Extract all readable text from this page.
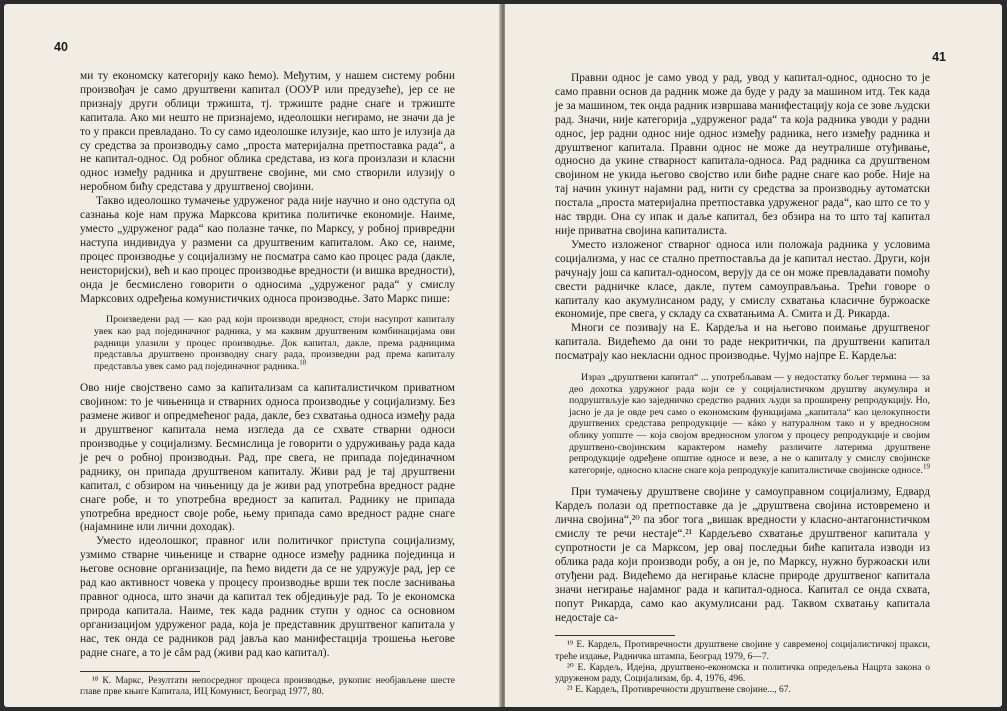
40

ми ту економску категорију како ћемо). Међутим, у нашем систему робни произвођач је само друштвени капитал (ООУР или предузеће), јер се не признају други облици тржишта, тј. тржиште радне снаге и тржиште капитала. Ако ми нешто не признајемо, идеолошки негирамо, не значи да је то у пракси превладано. То су само идеолошке илузије, као што је илузија да су средства за производњу само „проста материјална претпоставка рада“, а не капитал-однос. Од робног облика средстава, из кога произлази и класни однос између радника и друштвене својине, ми смо створили илузију о неробном бићу средстава у друштвеној својини.

Такво идеолошко тумачење удруженог рада није научно и оно одступа од сазнања које нам пружа Марксова критика политичке економије. Наиме, уместо „удруженог рада“ као полазне тачке, по Марксу, у робној привредни наступа индивидуа у размени са друштвеним капиталом. Ако се, наиме, процес производње у социјализму не посматра само као процес рада (дакле, неисторијски), већ и као процес производње вредности (и вишка вредности), онда је бесмислено говорити о односима „удруженог рада“ у смислу Марксових одређења комунистичких односа производње. Зато Маркс пише:

Произведени рад — као рад који производи вредност, стоји насупрот капиталу увек као рад појединачног радника, у ма каквим друштвеним комбинацијама ови радници улазили у процес производње. Док капитал, дакле, према радницима представља друштвено производну снагу рада, произведни рад према капиталу представља увек само рад појединачног радника.$^{18}$

Ово није својствено само за капитализам са капиталистичком приватном својином: то је чињеница и стварних односа производње у социјализму. Без размене живог и опредмећеног рада, дакле, без схватања односа између рада и друштвеног капитала нема изгледа да се схвате стварни односи производње у социјализму. Бесмислица је говорити о удруживању рада када је реч о робној производњи. Рад, пре свега, не припада појединачном раднику, он припада друштвеном капиталу. Живи рад је тај друштвени капитал, с обзиром на чињеницу да је живи рад употребна вредност радне снаге робе, и то употребна вредност за капитал. Раднику не припада употребна вредност своје робе, њему припада само вредност радне снаге (најамнине или лични доходак).

Уместо идеолошког, правног или политичког приступа социјализму, узмимо стварне чињенице и стварне односе између радника појединца и његове основне организације, па ћемо видети да се не удружује рад, јер се рад као активност човека у процесу производње врши тек после заснивања правног односа, што значи да капитал тек обједињује рад. То је економска природа капитала. Наиме, тек када радник ступи у однос са основном организацијом удруженог рада, која је представник друштвеног капитала у нас, тек онда се радников рад јавља као манифестација трошења његове радне снаге, а то је сâм рад (живи рад као капитал).

¹⁸ К. Маркс, Резултати непосредног процеса производње, рукопис необјављене шесте главе прве књиге Капитала, ИЦ Комунист, Београд 1977, 80.

41

Правни однос је само увод у рад, увод у капитал-однос, односно то је само правни основ да радник може да буде у раду за машином итд. Тек када је за машином, тек онда радник извршава манифестацију која се зове људски рад. Значи, није категорија „удруженог рада“ та која радника уводи у радни однос, јер радни однос није однос између радника, него између радника и друштвеног капитала. Правни однос не може да неутралише отуђивање, односно да укине стварност капитала-односа. Рад радника са друштвеном својином не укида његово својство или биће радне снаге као робе. Није на тај начин укинут најамни рад, нити су средства за производњу аутоматски постала „проста материјална претпоставка удруженог рада“, као што се то у нас тврди. Она су ипак и даље капитал, без обзира на то што тај капитал није приватна својина капиталиста.

Уместо изложеног стварног односа или положаја радника у условима социјализма, у нас се стално претпоставља да је капитал нестао. Други, који рачунају још са капитал-односом, верују да се он може превладавати помоћу свести радничке класе, дакле, путем самоуправљања. Трећи говоре о капиталу као акумулисаном раду, у смислу схватања класичне буржоаске економије, пре свега, у складу са схватањима А. Смита и Д. Рикарда.

Многи се позивају на Е. Кардеља и на његово поимање друштвеног капитала. Видећемо да они то раде некритички, па друштвени капитал посматрају као некласни однос производње. Чујмо најпре Е. Кардеља:

Израз „друштвени капитал“ ... употребљавам — у недостатку бољег термина — за део дохотка удружног рада који се у социјалистичком друштву акумулира и подруштвљује као заједничко средство радних људи за проширену репродукцију. Но, јасно је да је овде реч само о економским функцијама „капитала“ као целокупности друштвених средстава репродукције — кáко у натуралном тако и у вредносном облику уопште — која својом вредносном улогом у процесу репродукције и својим друштвено-својинским карактером намећу различите латерима друштвене репродукције одређене општие односе и везе, а не о капиталу у смислу својинске категорије, односно класне снаге која репродукује капиталистичке својинске односе.$^{19}$

При тумачењу друштвене својине у самоуправном социјализму, Едвард Кардељ полази од претпоставке да је „друштвена својина истовремено и лична својина“,²⁰ па због тога „вишак вредности у класно-антагонистичком смислу те речи нестаје“.²¹ Кардељево схватање друштвеног капитала у супротности је са Марксом, јер овај последњи биће капитала изводи из облика рада који производи робу, а он је, по Марксу, нужно буржоаски или отуђени рад. Видећемо да негирање класне природе друштвеног капитала значи негирање најамног рада и капитал-односа. Капитал се онда схвата, попут Рикарда, само као акумулисани рад. Таквом схватању капитала недостаје са-

¹⁹ Е. Кардељ, Противречности друштвене својине у савременој социјалистичкој пракси, треће издање, Радничка штампа, Београд 1979, 6—7.

²⁰ Е. Кардељ, Идејна, друштвено-економска и политичка опредељења Нацрта закона о удруженом раду, Социјализам, бр. 4, 1976, 496.

²¹ Е. Кардељ, Противречности друштвене својине..., 67.
